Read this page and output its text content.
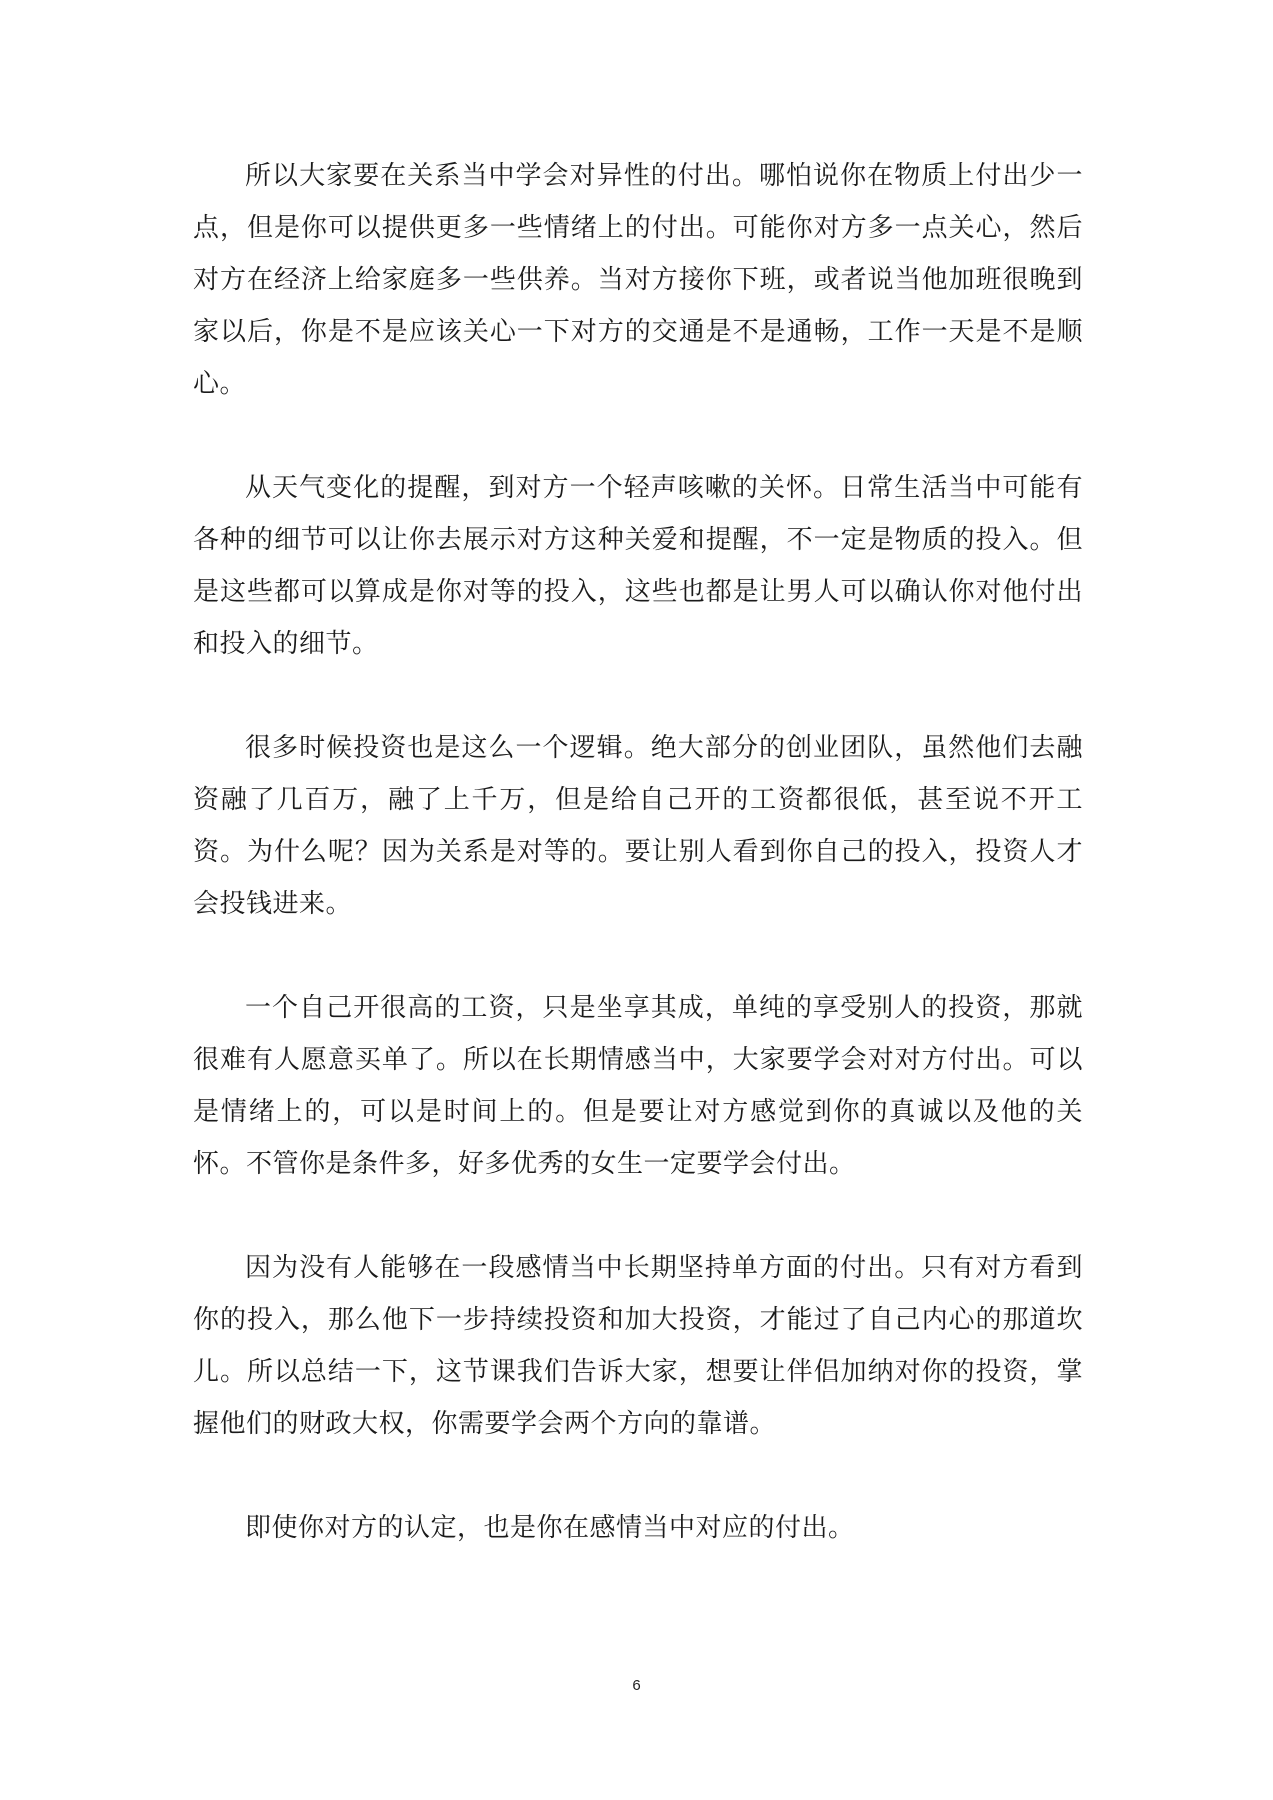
所以大家要在关系当中学会对异性的付出。哪怕说你在物质上付出少一点，但是你可以提供更多一些情绪上的付出。可能你对方多一点关心，然后对方在经济上给家庭多一些供养。当对方接你下班，或者说当他加班很晚到家以后，你是不是应该关心一下对方的交通是不是通畅，工作一天是不是顺心。

从天气变化的提醒，到对方一个轻声咳嗽的关怀。日常生活当中可能有各种的细节可以让你去展示对方这种关爱和提醒，不一定是物质的投入。但是这些都可以算成是你对等的投入，这些也都是让男人可以确认你对他付出和投入的细节。

很多时候投资也是这么一个逻辑。绝大部分的创业团队，虽然他们去融资融了几百万，融了上千万，但是给自己开的工资都很低，甚至说不开工资。为什么呢？因为关系是对等的。要让别人看到你自己的投入，投资人才会投钱进来。

一个自己开很高的工资，只是坐享其成，单纯的享受别人的投资，那就很难有人愿意买单了。所以在长期情感当中，大家要学会对对方付出。可以是情绪上的，可以是时间上的。但是要让对方感觉到你的真诚以及他的关怀。不管你是条件多，好多优秀的女生一定要学会付出。

因为没有人能够在一段感情当中长期坚持单方面的付出。只有对方看到你的投入，那么他下一步持续投资和加大投资，才能过了自己内心的那道坎儿。所以总结一下，这节课我们告诉大家，想要让伴侣加纳对你的投资，掌握他们的财政大权，你需要学会两个方向的靠谱。

即使你对方的认定，也是你在感情当中对应的付出。

6
